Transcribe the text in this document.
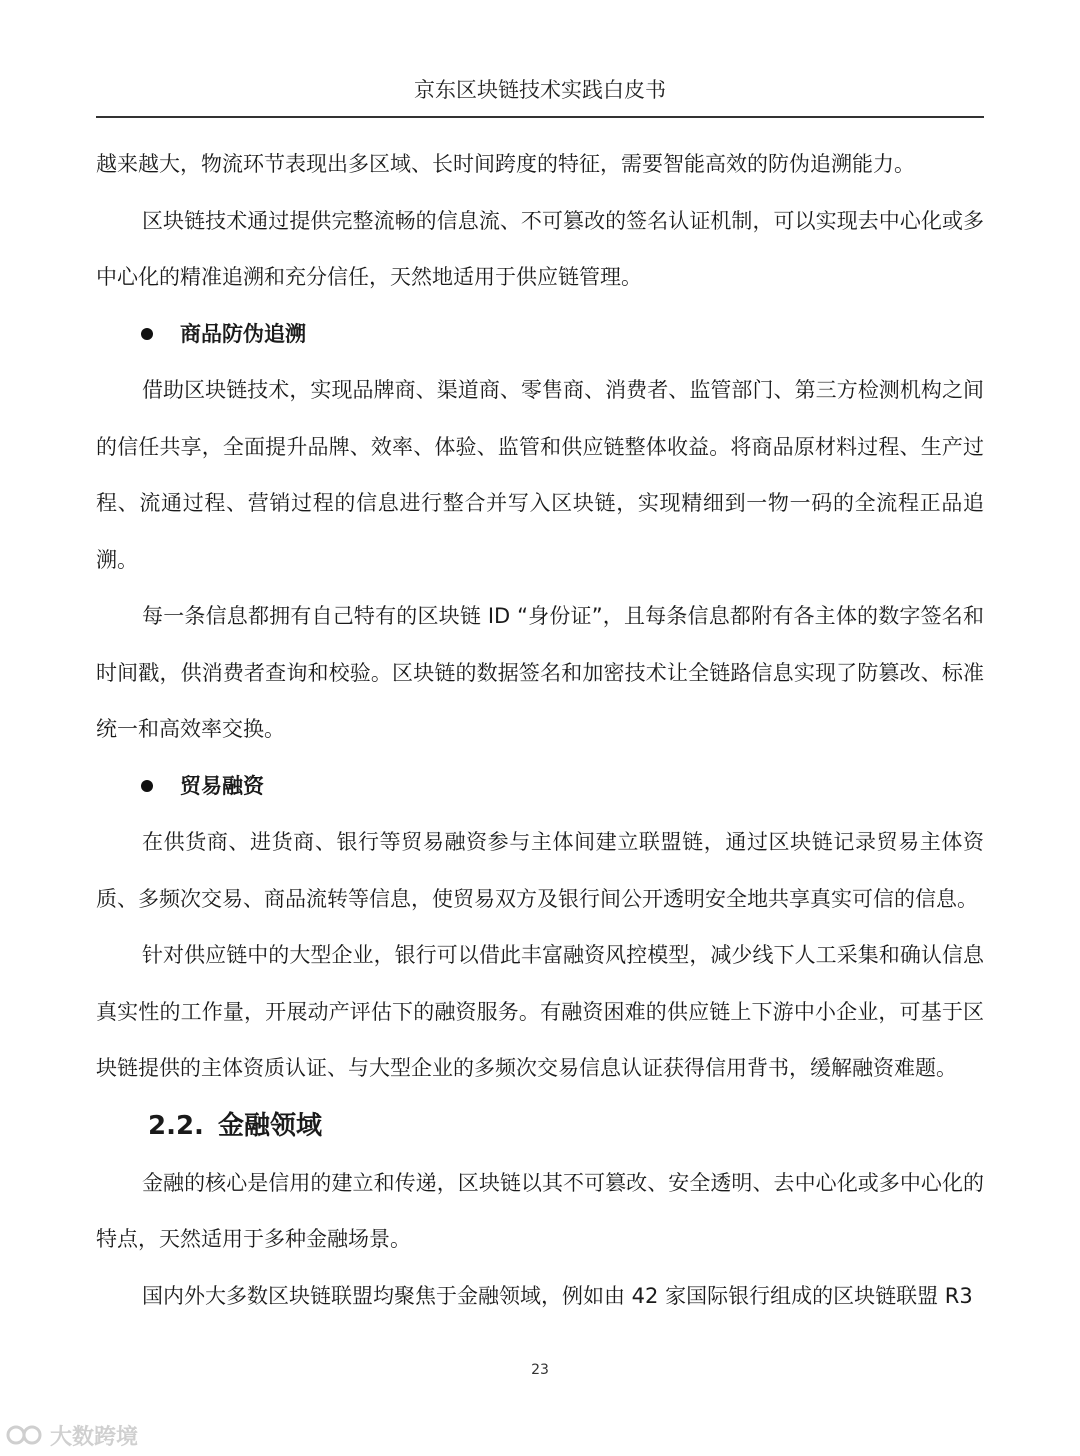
京东区块链技术实践白皮书

越来越大，物流环节表现出多区域、长时间跨度的特征，需要智能高效的防伪追溯能力。

区块链技术通过提供完整流畅的信息流、不可篡改的签名认证机制，可以实现去中心化或多中心化的精准追溯和充分信任，天然地适用于供应链管理。

商品防伪追溯

借助区块链技术，实现品牌商、渠道商、零售商、消费者、监管部门、第三方检测机构之间的信任共享，全面提升品牌、效率、体验、监管和供应链整体收益。将商品原材料过程、生产过程、流通过程、营销过程的信息进行整合并写入区块链，实现精细到一物一码的全流程正品追溯。

每一条信息都拥有自己特有的区块链 ID “身份证”，且每条信息都附有各主体的数字签名和时间戳，供消费者查询和校验。区块链的数据签名和加密技术让全链路信息实现了防篡改、标准统一和高效率交换。

贸易融资

在供货商、进货商、银行等贸易融资参与主体间建立联盟链，通过区块链记录贸易主体资质、多频次交易、商品流转等信息，使贸易双方及银行间公开透明安全地共享真实可信的信息。

针对供应链中的大型企业，银行可以借此丰富融资风控模型，减少线下人工采集和确认信息真实性的工作量，开展动产评估下的融资服务。有融资困难的供应链上下游中小企业，可基于区块链提供的主体资质认证、与大型企业的多频次交易信息认证获得信用背书，缓解融资难题。

2.2. 金融领域

金融的核心是信用的建立和传递，区块链以其不可篡改、安全透明、去中心化或多中心化的特点，天然适用于多种金融场景。

国内外大多数区块链联盟均聚焦于金融领域，例如由 42 家国际银行组成的区块链联盟 R3

23
大数跨境
